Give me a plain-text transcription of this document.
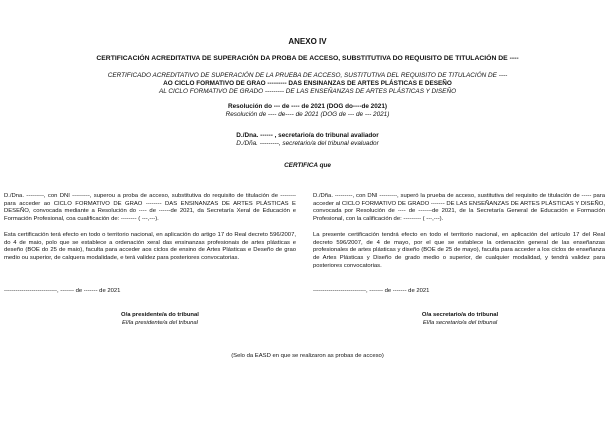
ANEXO IV
CERTIFICACIÓN ACREDITATIVA DE SUPERACIÓN DA PROBA DE ACCESO, SUBSTITUTIVA DO REQUISITO DE TITULACIÓN DE ----
CERTIFICADO ACREDITATIVO DE SUPERACIÓN DE LA PRUEBA DE ACCESO, SUSTITUTIVA DEL REQUISITO DE TITULACIÓN DE ----
AO CICLO FORMATIVO DE GRAO --------- DAS ENSINANZAS DE ARTES PLÁSTICAS E DESEÑO
AL CICLO FORMATIVO DE GRADO --------- DE LAS ENSEÑANZAS DE ARTES PLÁSTICAS Y DISEÑO
Resolución do --- de ---- de 2021 (DOG do----de 2021)
Resolución de ---- de---- de 2021 (DOG de --- de --- 2021)
D./Dna. ------ , secretario/a do tribunal avaliador
D./Dña. ---------, secretario/a del tribunal evaluador
CERTIFICA que

D./Dna. ---------, con DNI ---------, superou a proba de acceso, substitutiva do requisito de titulación de -------- para acceder ao CICLO FORMATIVO DE GRAO -------- DAS ENSINANZAS DE ARTES PLÁSTICAS E DESEÑO, convocada mediante a Resolución do ---- de ------de 2021, da Secretaría Xeral de Educación e Formación Profesional, coa cualificación de: -------- ( ---,---).

Esta certificación terá efecto en todo o territorio nacional, en aplicación do artigo 17 do Real decreto 596/2007, do 4 de maio, polo que se establece a ordenación xeral das ensinanzas profesionais de artes plásticas e deseño (BOE do 25 de maio), faculta para acceder aos ciclos de ensino de Artes Plásticas e Deseño de grao medio ou superior, de calquera modalidade, e terá validez para posteriores convocatorias.

---------------------------, ------- de ------- de 2021
O/a presidente/a do tribunal
El/la presidente/a del tribunal

D./Dña. ---------, con DNI ---------, superó la prueba de acceso, sustitutiva del requisito de titulación de ----- para acceder al CICLO FORMATIVO DE GRADO ------- DE LAS ENSEÑANZAS DE ARTES PLÁSTICAS Y DISEÑO, convocada por Resolución de ---- de -------de 2021, de la Secretaría General de Educación e Formación Profesional, con la calificación de: --------- ( ---,---).

La presente certificación tendrá efecto en todo el territorio nacional, en aplicación del artículo 17 del Real decreto 596/2007, de 4 de mayo, por el que se establece la ordenación general de las enseñanzas profesionales de artes plásticas y diseño (BOE de 25 de mayo), faculta para acceder a los ciclos de enseñanza de Artes Plásticas y Diseño de grado medio o superior, de cualquier modalidad, y tendrá validez para posteriores convocatorias.

---------------------------, ------- de ------- de 2021
O/a secretario/a do tribunal
El/la secretario/a del tribunal
(Selo da EASD en que se realizaron as probas de acceso)
